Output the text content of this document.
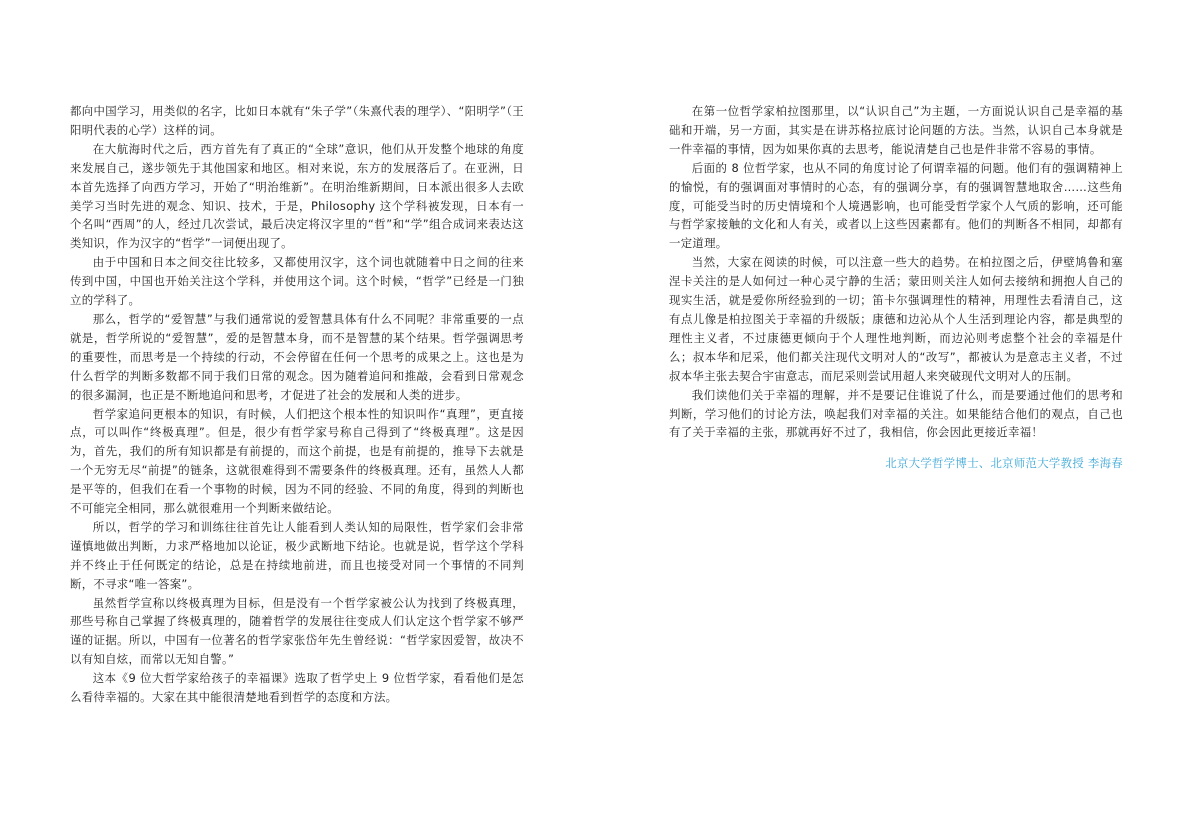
都向中国学习，用类似的名字，比如日本就有“朱子学”（朱熹代表的理学）、“阳明学”（王阳明代表的心学）这样的词。

在大航海时代之后，西方首先有了真正的“全球”意识，他们从开发整个地球的角度来发展自己，遂步领先于其他国家和地区。相对来说，东方的发展落后了。在亚洲，日本首先选择了向西方学习，开始了“明治维新”。在明治维新期间，日本派出很多人去欧美学习当时先进的观念、知识、技术，于是，Philosophy 这个学科被发现，日本有一个名叫“西周”的人，经过几次尝试，最后决定将汉字里的“哲”和“学”组合成词来表达这类知识，作为汉字的“哲学”一词便出现了。

由于中国和日本之间交往比较多，又都使用汉字，这个词也就随着中日之间的往来传到中国，中国也开始关注这个学科，并使用这个词。这个时候，“哲学”已经是一门独立的学科了。

那么，哲学的“爱智慧”与我们通常说的爱智慧具体有什么不同呢？非常重要的一点就是，哲学所说的“爱智慧”，爱的是智慧本身，而不是智慧的某个结果。哲学强调思考的重要性，而思考是一个持续的行动，不会停留在任何一个思考的成果之上。这也是为什么哲学的判断多数都不同于我们日常的观念。因为随着追问和推敲，会看到日常观念的很多漏洞，也正是不断地追问和思考，才促进了社会的发展和人类的进步。

哲学家追问更根本的知识，有时候，人们把这个根本性的知识叫作“真理”，更直接点，可以叫作“终极真理”。但是，很少有哲学家号称自己得到了“终极真理”。这是因为，首先，我们的所有知识都是有前提的，而这个前提，也是有前提的，推导下去就是一个无穷无尽“前提”的链条，这就很难得到不需要条件的终极真理。还有，虽然人人都是平等的，但我们在看一个事物的时候，因为不同的经验、不同的角度，得到的判断也不可能完全相同，那么就很难用一个判断来做结论。

所以，哲学的学习和训练往往首先让人能看到人类认知的局限性，哲学家们会非常谨慎地做出判断，力求严格地加以论证，极少武断地下结论。也就是说，哲学这个学科并不终止于任何既定的结论，总是在持续地前进，而且也接受对同一个事情的不同判断，不寻求“唯一答案”。

虽然哲学宣称以终极真理为目标，但是没有一个哲学家被公认为找到了终极真理，那些号称自己掌握了终极真理的，随着哲学的发展往往变成人们认定这个哲学家不够严谨的证据。所以，中国有一位著名的哲学家张岱年先生曾经说：“哲学家因爱智，故决不以有知自炫，而常以无知自警。”

这本《9 位大哲学家给孩子的幸福课》选取了哲学史上 9 位哲学家，看看他们是怎么看待幸福的。大家在其中能很清楚地看到哲学的态度和方法。

在第一位哲学家柏拉图那里，以“认识自己”为主题，一方面说认识自己是幸福的基础和开端，另一方面，其实是在讲苏格拉底讨论问题的方法。当然，认识自己本身就是一件幸福的事情，因为如果你真的去思考，能说清楚自己也是件非常不容易的事情。

后面的 8 位哲学家，也从不同的角度讨论了何谓幸福的问题。他们有的强调精神上的愉悦，有的强调面对事情时的心态，有的强调分享，有的强调智慧地取舍……这些角度，可能受当时的历史情境和个人境遇影响，也可能受哲学家个人气质的影响，还可能与哲学家接触的文化和人有关，或者以上这些因素都有。他们的判断各不相同，却都有一定道理。

当然，大家在阅读的时候，可以注意一些大的趋势。在柏拉图之后，伊壁鸠鲁和塞涅卡关注的是人如何过一种心灵宁静的生活；蒙田则关注人如何去接纳和拥抱人自己的现实生活，就是爱你所经验到的一切；笛卡尔强调理性的精神，用理性去看清自己，这有点儿像是柏拉图关于幸福的升级版；康德和边沁从个人生活到理论内容，都是典型的理性主义者，不过康德更倾向于个人理性地判断，而边沁则考虑整个社会的幸福是什么；叔本华和尼采，他们都关注现代文明对人的“改写”，都被认为是意志主义者，不过叔本华主张去契合宇宙意志，而尼采则尝试用超人来突破现代文明对人的压制。

我们读他们关于幸福的理解，并不是要记住谁说了什么，而是要通过他们的思考和判断，学习他们的讨论方法，唤起我们对幸福的关注。如果能结合他们的观点，自己也有了关于幸福的主张，那就再好不过了，我相信，你会因此更接近幸福！

北京大学哲学博士、北京师范大学教授 李海春
